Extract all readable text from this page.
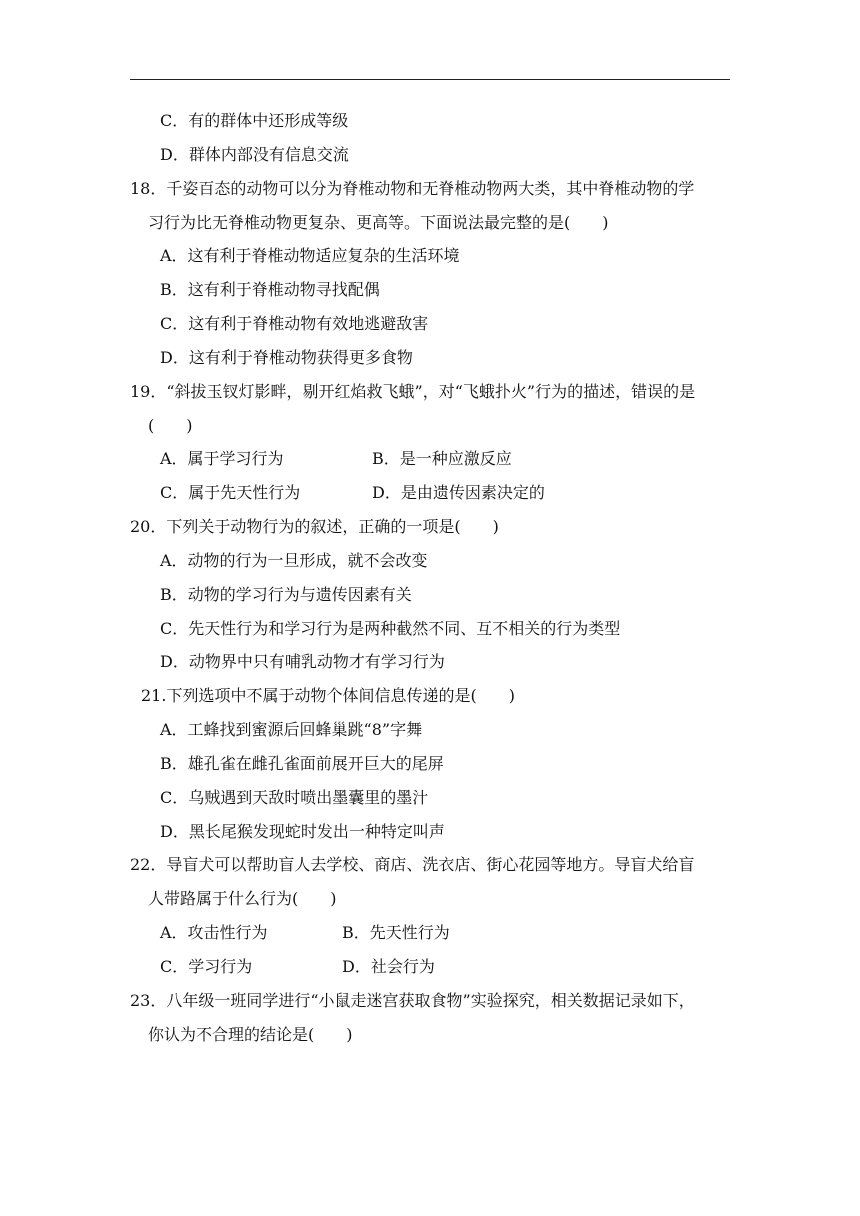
C．有的群体中还形成等级
D．群体内部没有信息交流
18．千姿百态的动物可以分为脊椎动物和无脊椎动物两大类，其中脊椎动物的学
习行为比无脊椎动物更复杂、更高等。下面说法最完整的是(　　)
A．这有利于脊椎动物适应复杂的生活环境
B．这有利于脊椎动物寻找配偶
C．这有利于脊椎动物有效地逃避敌害
D．这有利于脊椎动物获得更多食物
19．“斜拔玉钗灯影畔，剔开红焰救飞蛾”，对“飞蛾扑火”行为的描述，错误的是
(　　)
A．属于学习行为	B．是一种应激反应
C．属于先天性行为	D．是由遗传因素决定的
20．下列关于动物行为的叙述，正确的一项是(　　)
A．动物的行为一旦形成，就不会改变
B．动物的学习行为与遗传因素有关
C．先天性行为和学习行为是两种截然不同、互不相关的行为类型
D．动物界中只有哺乳动物才有学习行为
21.下列选项中不属于动物个体间信息传递的是(　　)
A．工蜂找到蜜源后回蜂巢跳“8”字舞
B．雄孔雀在雌孔雀面前展开巨大的尾屏
C．乌贼遇到天敌时喷出墨囊里的墨汁
D．黑长尾猴发现蛇时发出一种特定叫声
22．导盲犬可以帮助盲人去学校、商店、洗衣店、街心花园等地方。导盲犬给盲
人带路属于什么行为(　　)
A．攻击性行为	B．先天性行为
C．学习行为	D．社会行为
23．八年级一班同学进行“小鼠走迷宫获取食物”实验探究，相关数据记录如下，
你认为不合理的结论是(　　)
